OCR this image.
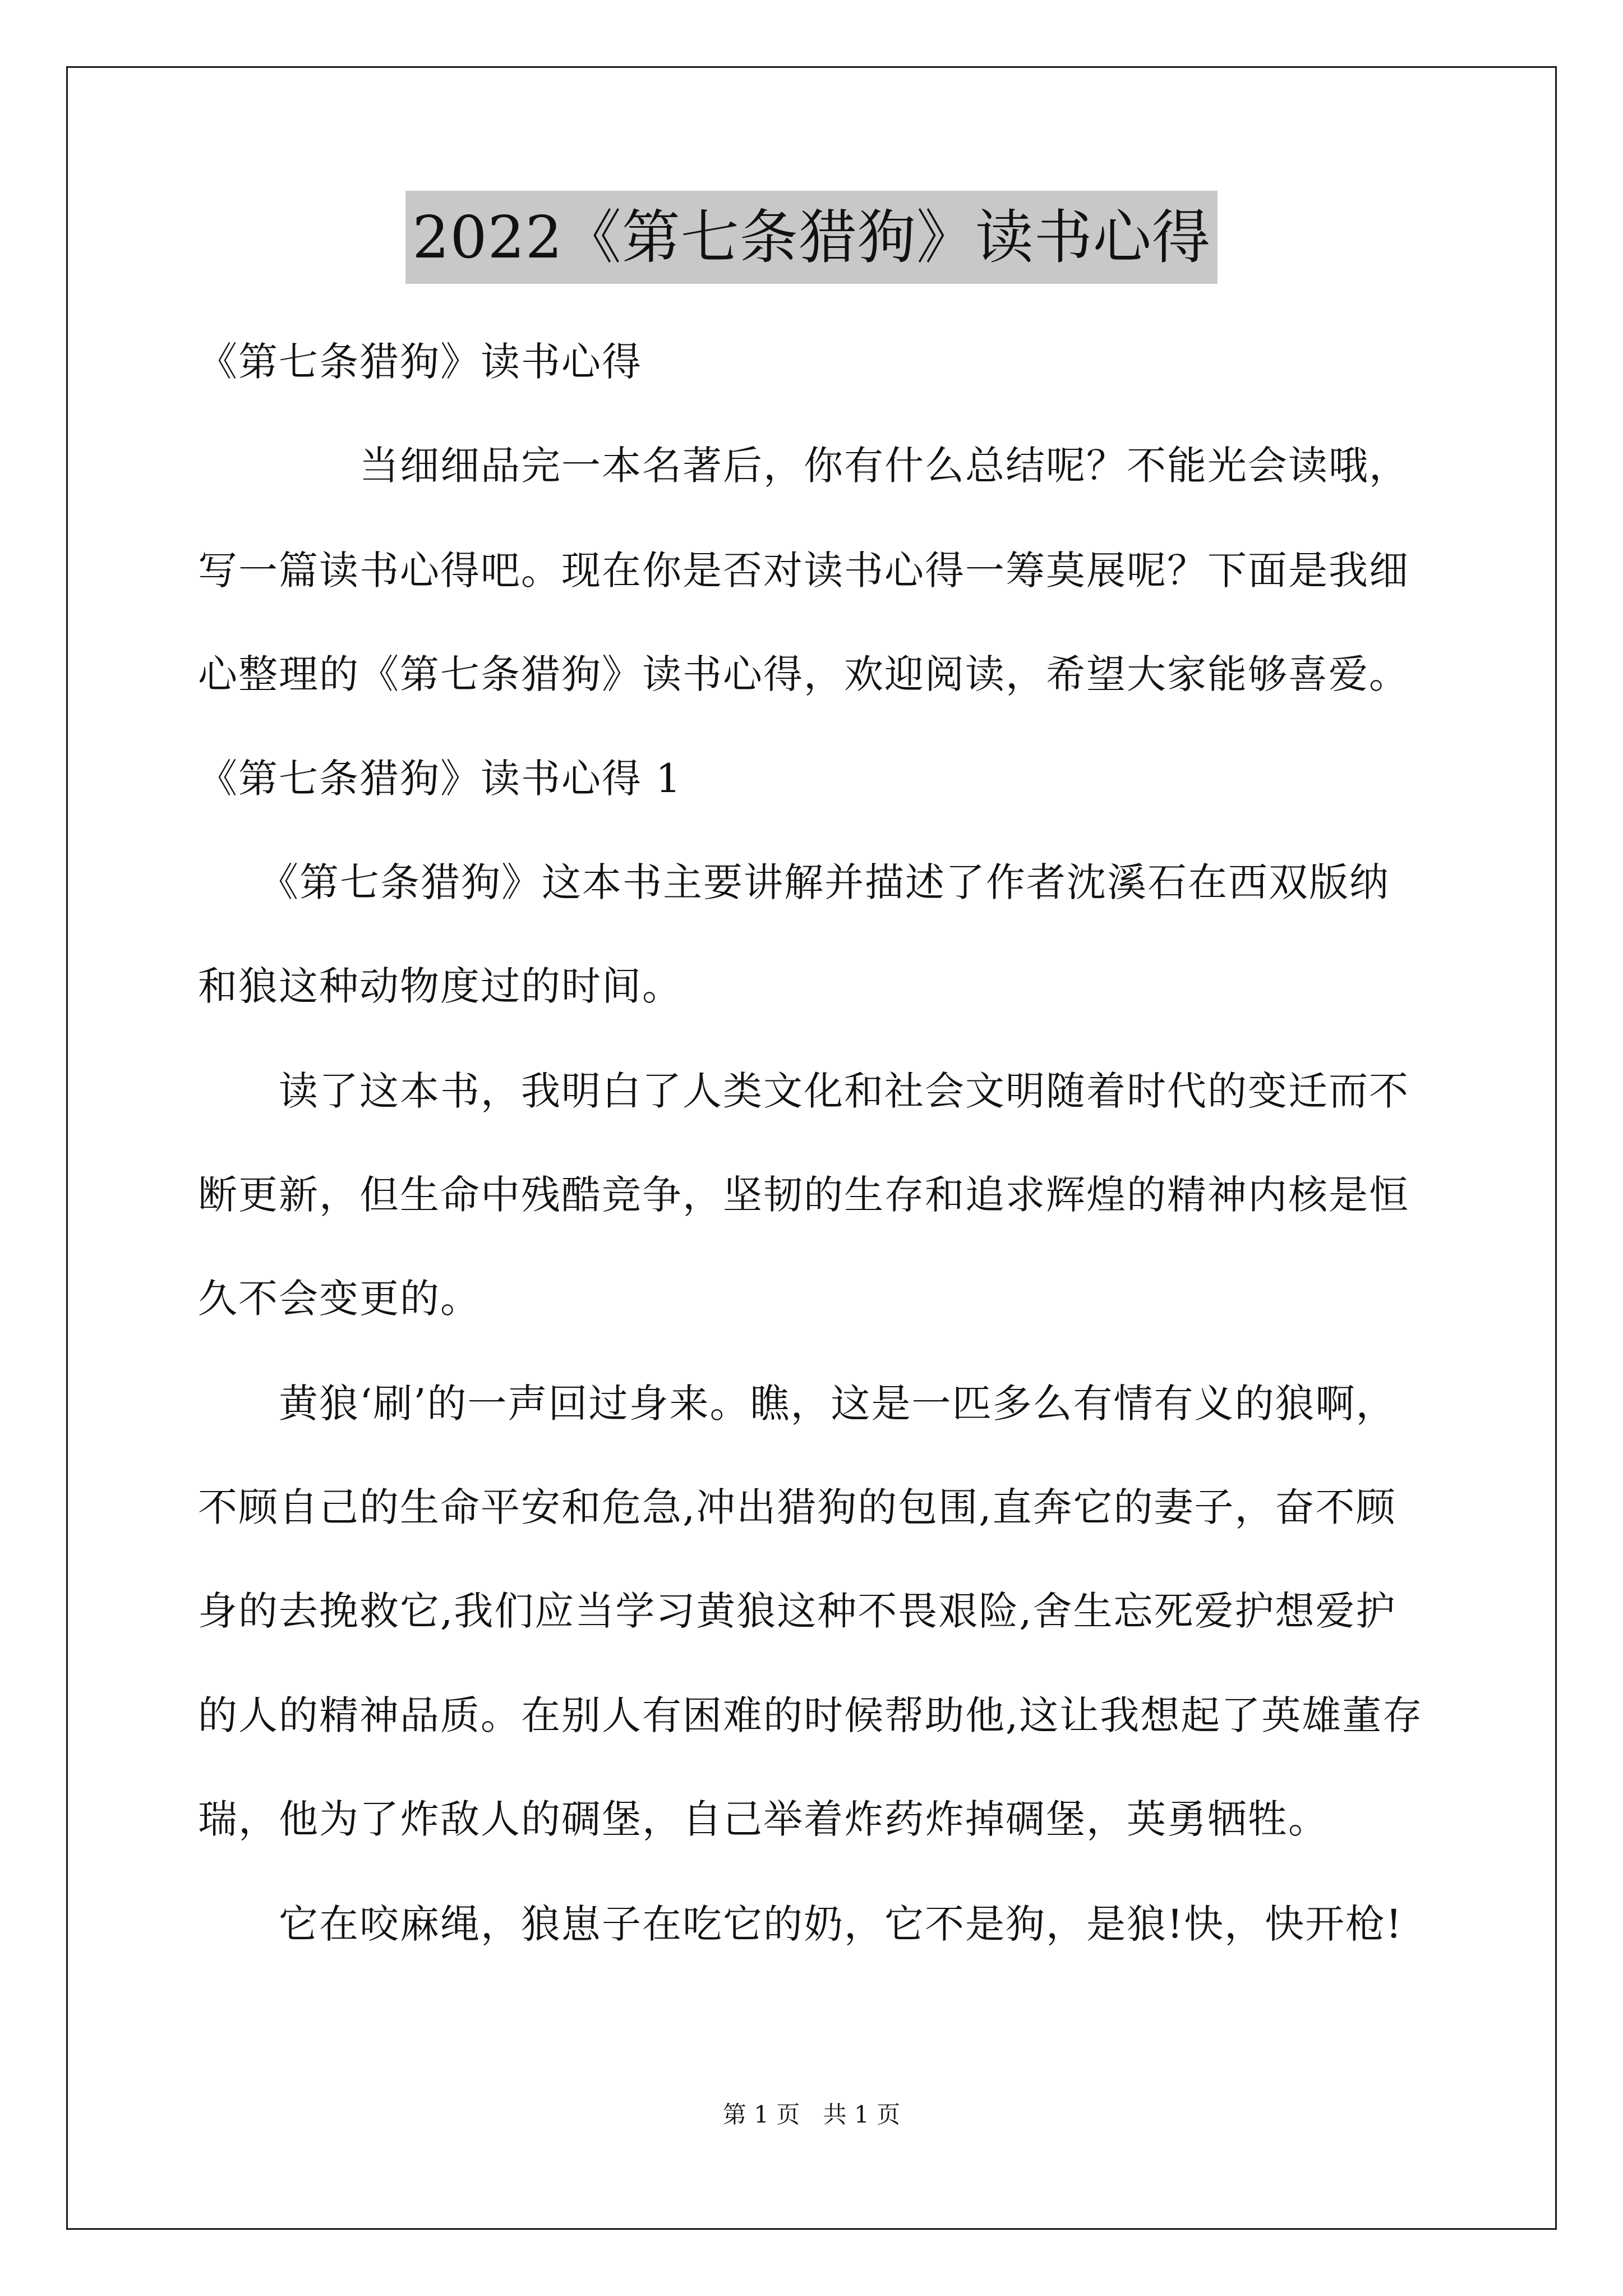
2022《第七条猎狗》读书心得
《第七条猎狗》读书心得
　　　　当细细品完一本名著后，你有什么总结呢？不能光会读哦，
写一篇读书心得吧。现在你是否对读书心得一筹莫展呢？下面是我细
心整理的《第七条猎狗》读书心得，欢迎阅读，希望大家能够喜爱。
《第七条猎狗》读书心得 1
　　《第七条猎狗》这本书主要讲解并描述了作者沈溪石在西双版纳
和狼这种动物度过的时间。
　　读了这本书，我明白了人类文化和社会文明随着时代的变迁而不
断更新，但生命中残酷竞争，坚韧的生存和追求辉煌的精神内核是恒
久不会变更的。
　　黄狼‘刷’的一声回过身来。瞧，这是一匹多么有情有义的狼啊，
不顾自己的生命平安和危急,冲出猎狗的包围,直奔它的妻子，奋不顾
身的去挽救它,我们应当学习黄狼这种不畏艰险,舍生忘死爱护想爱护
的人的精神品质。在别人有困难的时候帮助他,这让我想起了英雄董存
瑞，他为了炸敌人的碉堡，自己举着炸药炸掉碉堡，英勇牺牲。
　　它在咬麻绳，狼崽子在吃它的奶，它不是狗，是狼!快，快开枪!
第 1 页 共 1 页
